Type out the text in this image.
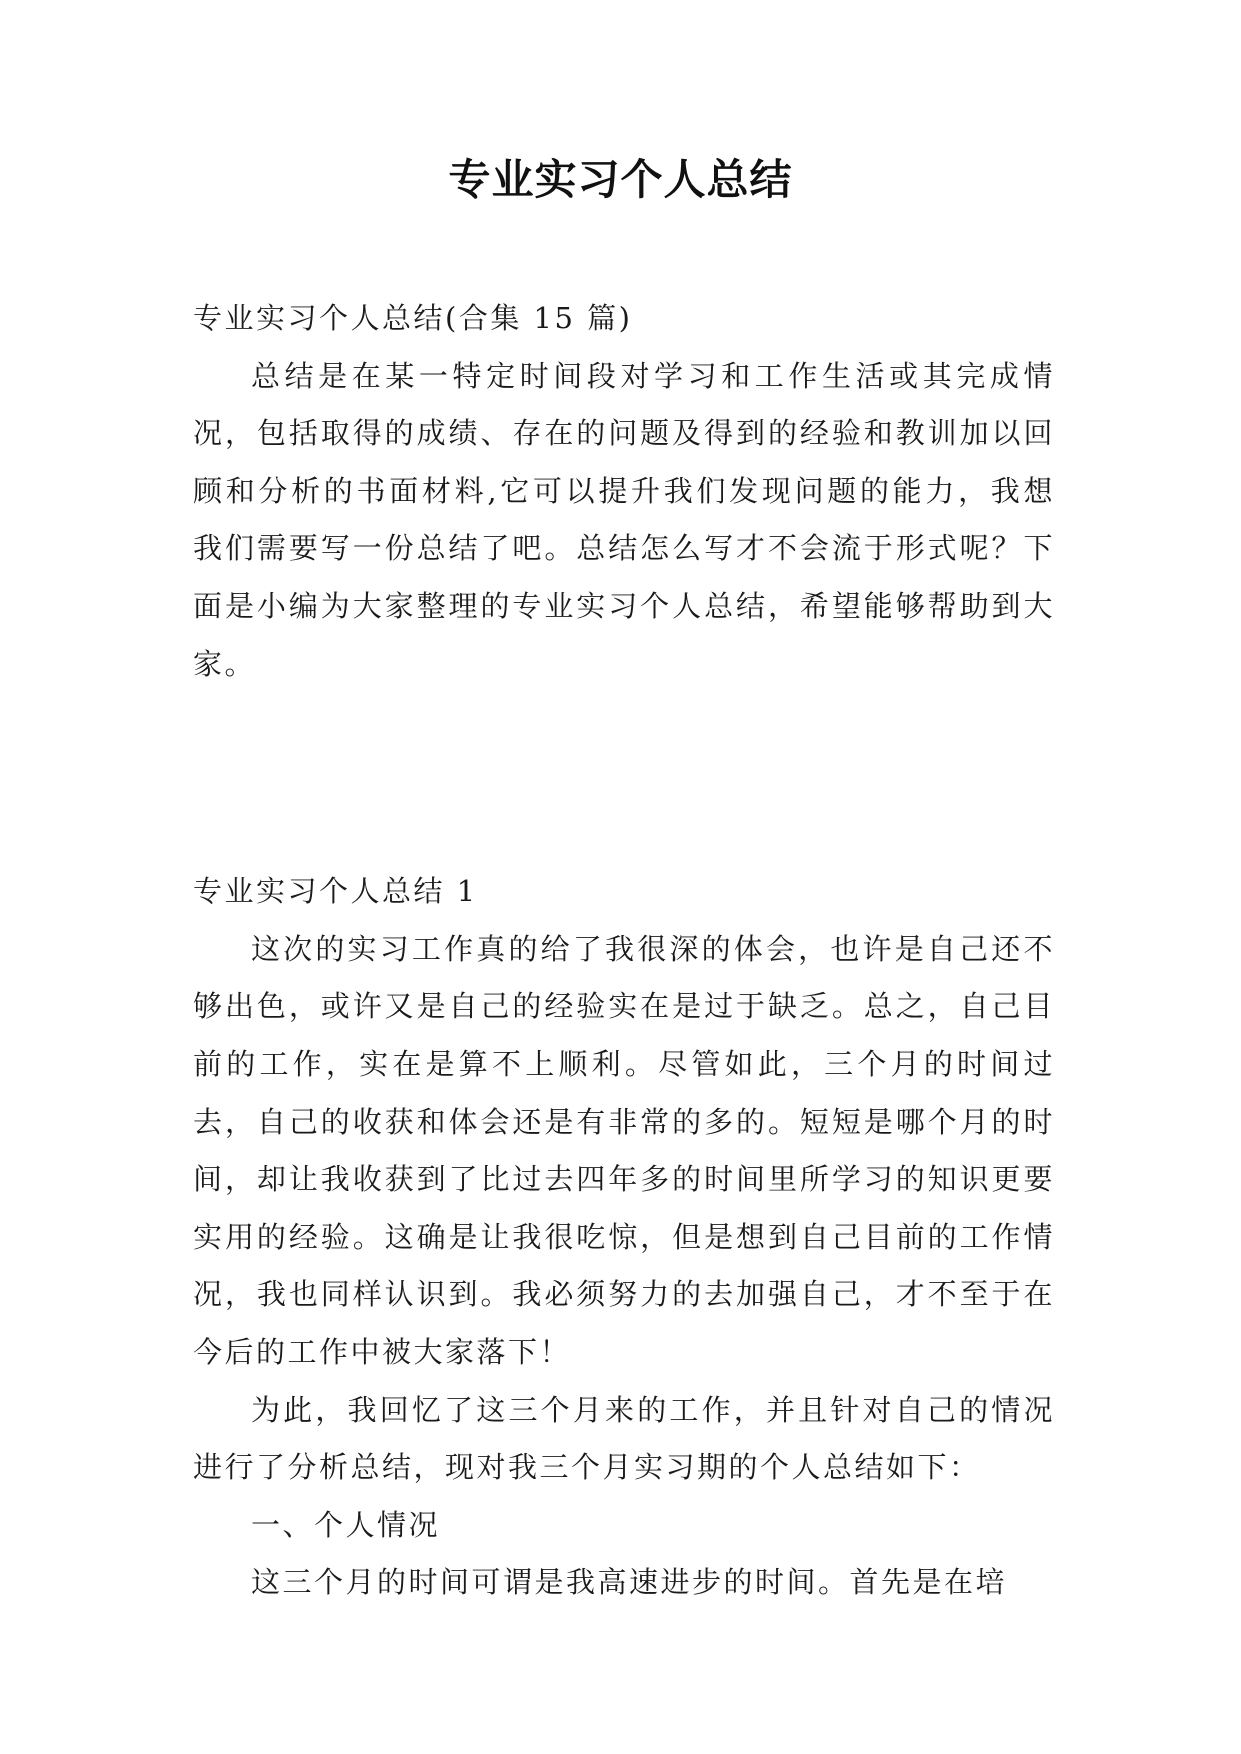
专业实习个人总结

专业实习个人总结(合集 15 篇)

总结是在某一特定时间段对学习和工作生活或其完成情况，包括取得的成绩、存在的问题及得到的经验和教训加以回顾和分析的书面材料,它可以提升我们发现问题的能力，我想我们需要写一份总结了吧。总结怎么写才不会流于形式呢？下面是小编为大家整理的专业实习个人总结，希望能够帮助到大家。

专业实习个人总结 1

这次的实习工作真的给了我很深的体会，也许是自己还不够出色，或许又是自己的经验实在是过于缺乏。总之，自己目前的工作，实在是算不上顺利。尽管如此，三个月的时间过去，自己的收获和体会还是有非常的多的。短短是哪个月的时间，却让我收获到了比过去四年多的时间里所学习的知识更要实用的经验。这确是让我很吃惊，但是想到自己目前的工作情况，我也同样认识到。我必须努力的去加强自己，才不至于在今后的工作中被大家落下！

为此，我回忆了这三个月来的工作，并且针对自己的情况进行了分析总结，现对我三个月实习期的个人总结如下：

一、个人情况

这三个月的时间可谓是我高速进步的时间。首先是在培
